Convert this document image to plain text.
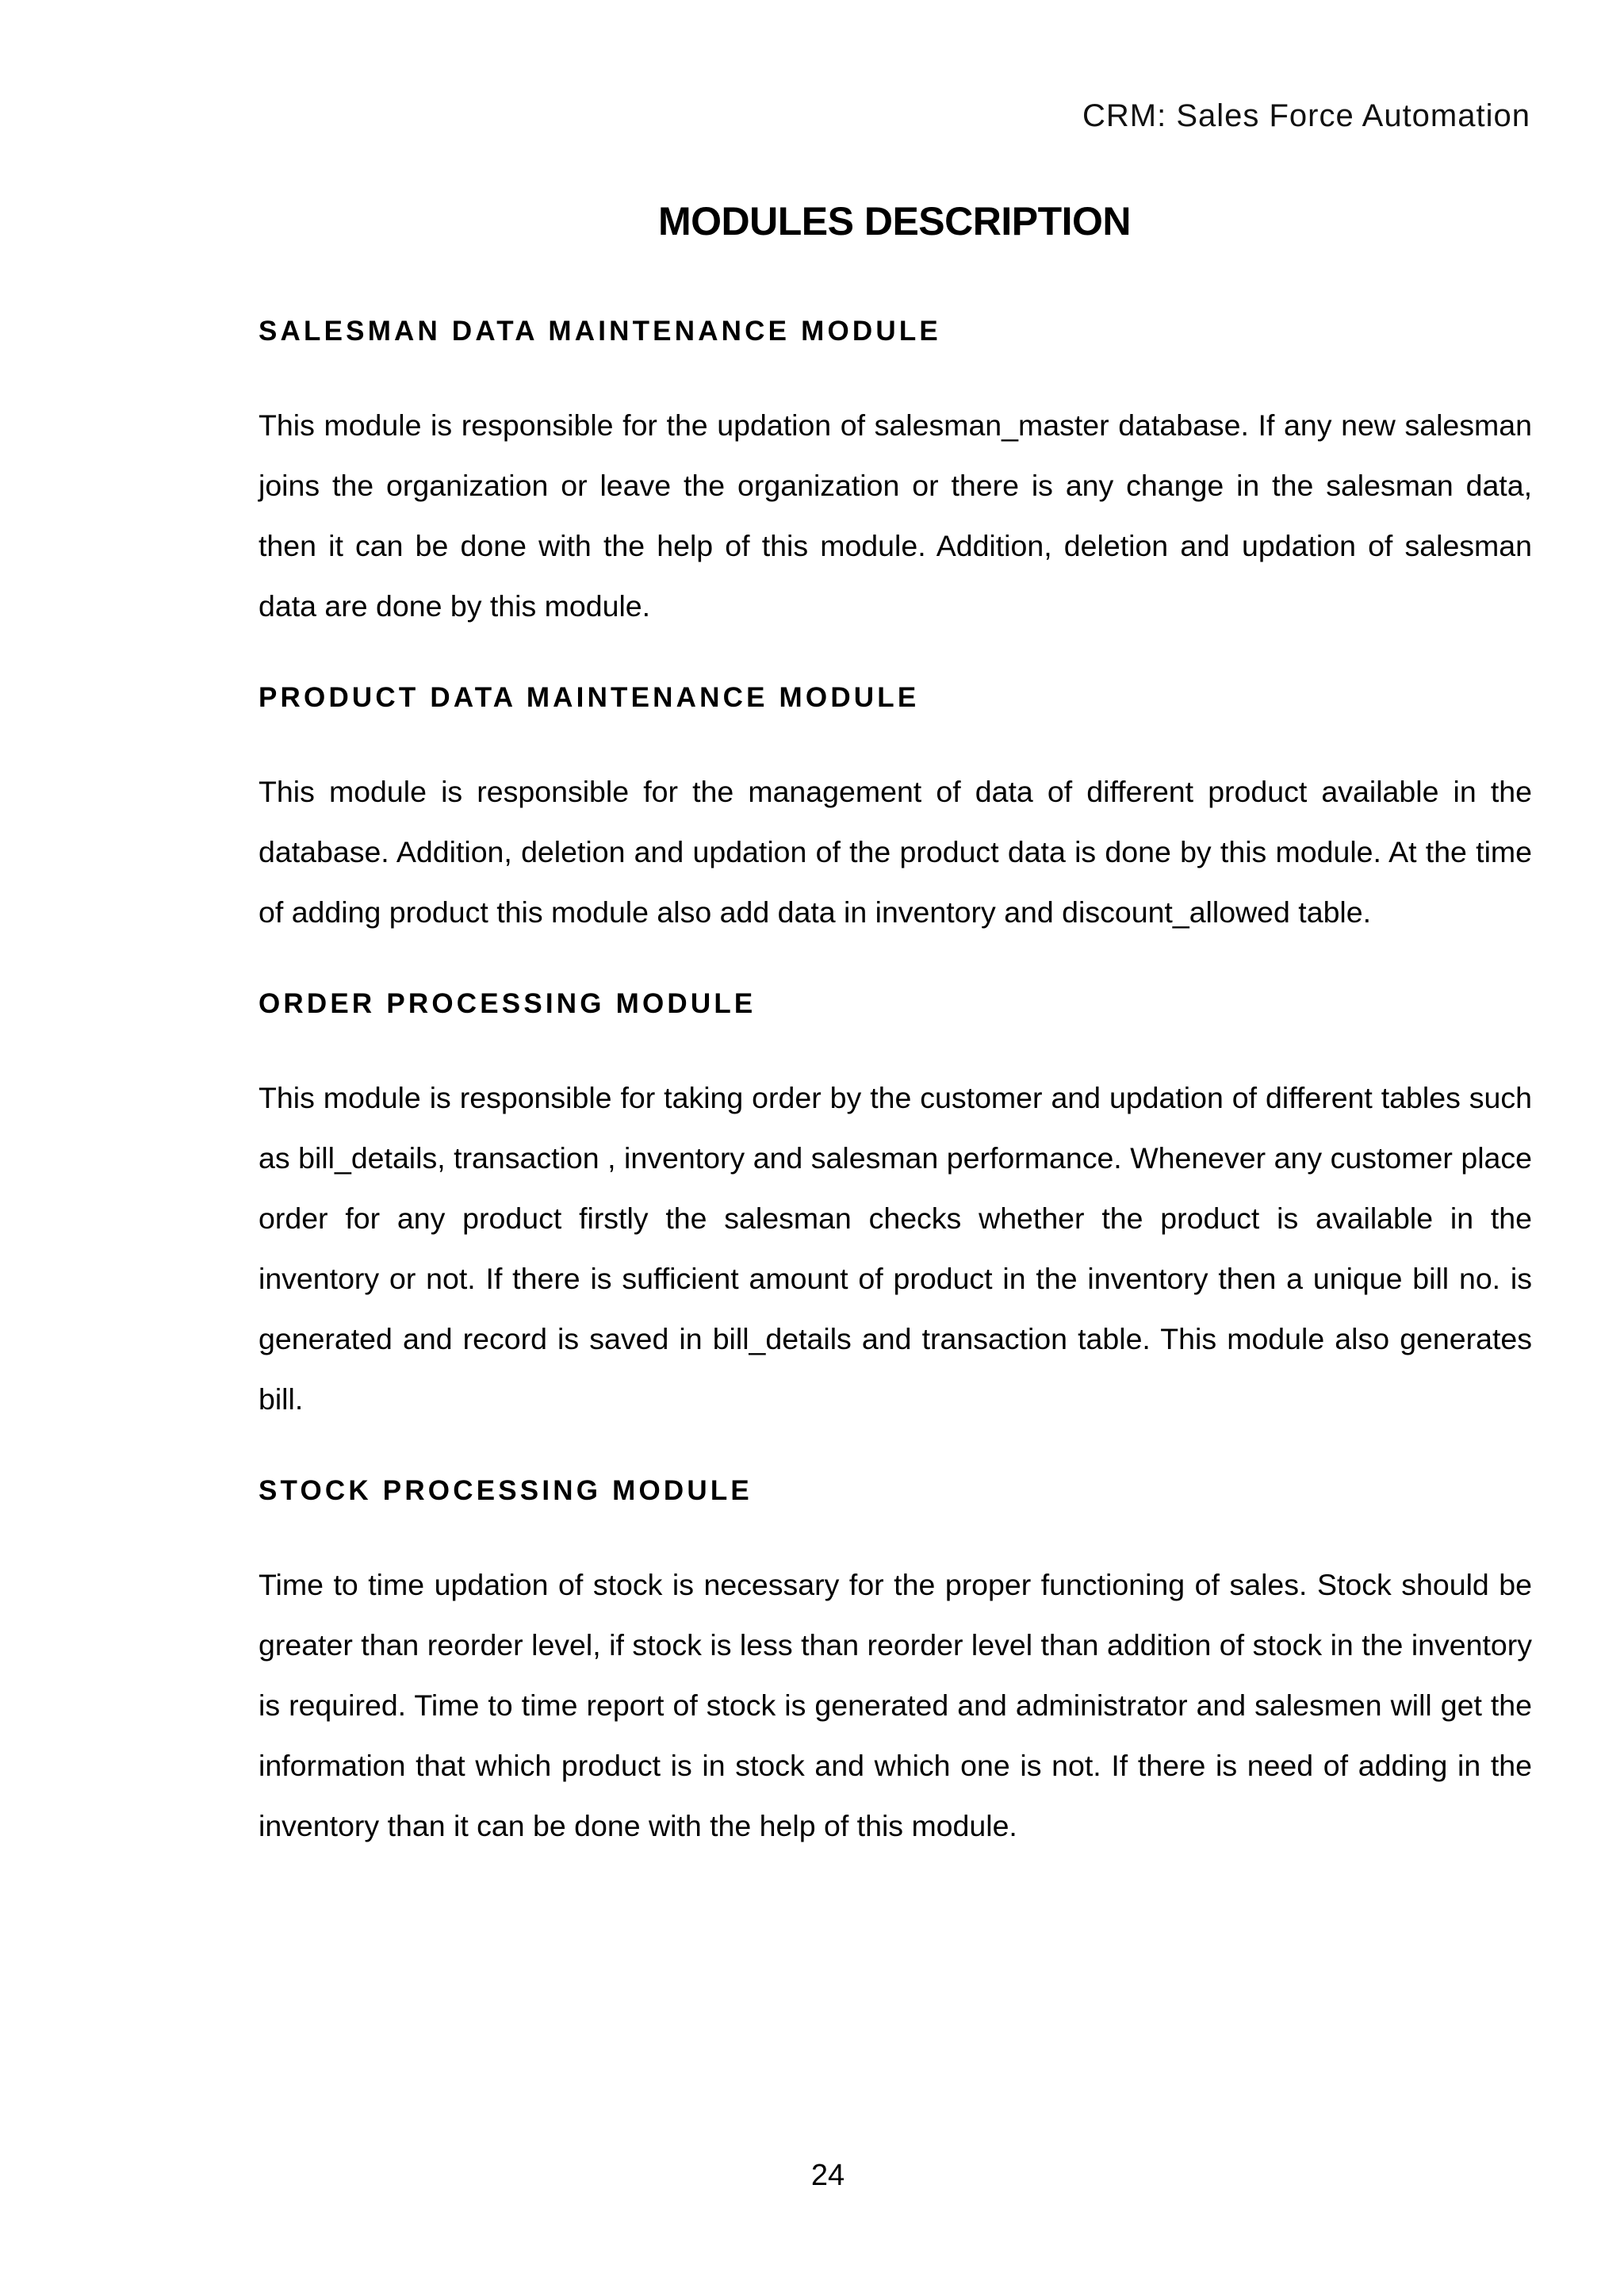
CRM: Sales Force Automation
MODULES DESCRIPTION
SALESMAN DATA MAINTENANCE MODULE

This module is responsible for the updation of salesman_master database. If any new salesman joins the organization or leave the organization or there is any change in the salesman data, then it can be done with the help of this module. Addition, deletion and updation of salesman data are done by this module.

PRODUCT DATA MAINTENANCE MODULE

This module is responsible for the management of data of different product available in the database. Addition, deletion and updation of the product data is done by this module. At the time of adding product this module also add data in inventory and discount_allowed table.

ORDER PROCESSING MODULE

This module is responsible for taking order by the customer and updation of different tables such as bill_details, transaction , inventory and salesman performance. Whenever any customer place order for any product firstly the salesman checks whether the product is available in the inventory or not. If there is sufficient amount of product in the inventory then a unique bill no. is generated and record is saved in bill_details and transaction table. This module also generates bill.

STOCK PROCESSING MODULE

Time to time updation of stock is necessary for the proper functioning of sales. Stock should be greater than reorder level, if stock is less than reorder level than addition of stock in the inventory is required. Time to time report of stock is generated and administrator and salesmen will get the information that which product is in stock and which one is not. If there is need of adding in the inventory than it can be done with the help of this module.

24
